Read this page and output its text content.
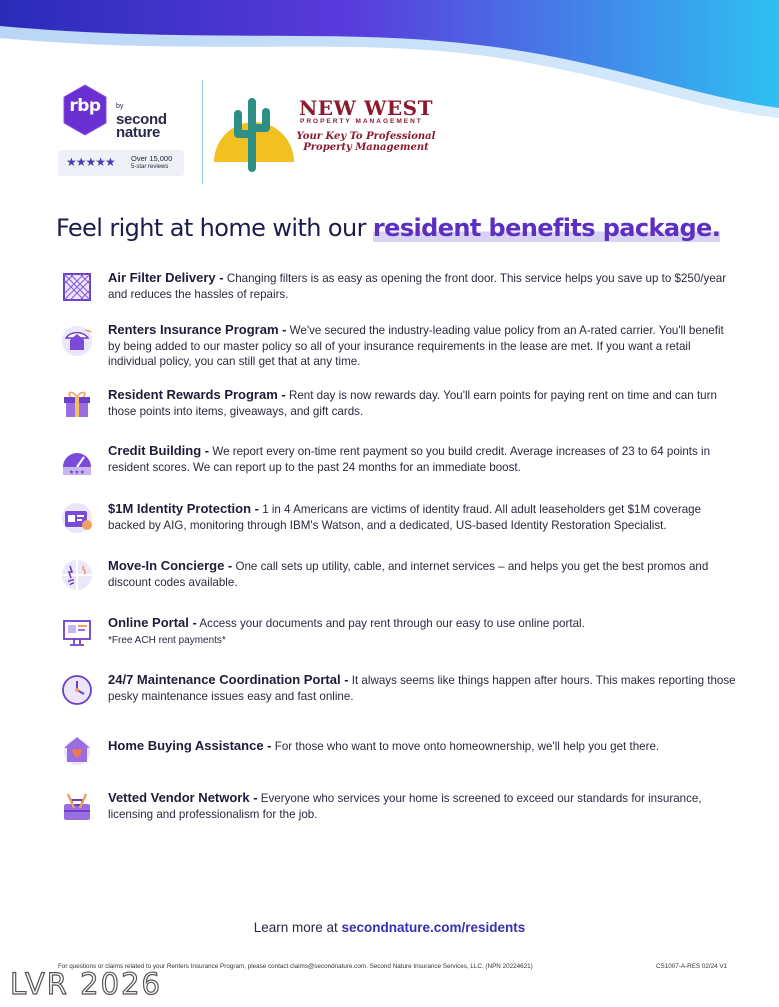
rbp	by
second
nature
★★★★★ Over 15,000
5-star reviews
NEW WEST
PROPERTY MANAGEMENT
Your Key To Professional Property Management
Feel right at home with our resident benefits package.
Air Filter Delivery - Changing filters is as easy as opening the front door. This service helps you save up to $250/year and reduces the hassles of repairs.
Renters Insurance Program - We've secured the industry-leading value policy from an A-rated carrier. You'll benefit by being added to our master policy so all of your insurance requirements in the lease are met. If you want a retail individual policy, you can still get that at any time.
Resident Rewards Program - Rent day is now rewards day. You'll earn points for paying rent on time and can turn those points into items, giveaways, and gift cards.
★★★
Credit Building - We report every on-time rent payment so you build credit. Average increases of 23 to 64 points in resident scores. We can report up to the past 24 months for an immediate boost.
$1M Identity Protection - 1 in 4 Americans are victims of identity fraud. All adult leaseholders get $1M coverage backed by AIG, monitoring through IBM's Watson, and a dedicated, US-based Identity Restoration Specialist.
Move-In Concierge - One call sets up utility, cable, and internet services – and helps you get the best promos and discount codes available.
Online Portal - Access your documents and pay rent through our easy to use online portal.
*Free ACH rent payments*
24/7 Maintenance Coordination Portal - It always seems like things happen after hours. This makes reporting those pesky maintenance issues easy and fast online.
Home Buying Assistance - For those who want to move onto homeownership, we'll help you get there.
Vetted Vendor Network - Everyone who services your home is screened to exceed our standards for insurance, licensing and professionalism for the job.
Learn more at secondnature.com/residents
For questions or claims related to your Renters Insurance Program, please contact claims@secondnature.com. Second Nature Insurance Services, LLC. (NPN 20224621)	CS1007-A-RES 02/24 V1
LVR 2026
